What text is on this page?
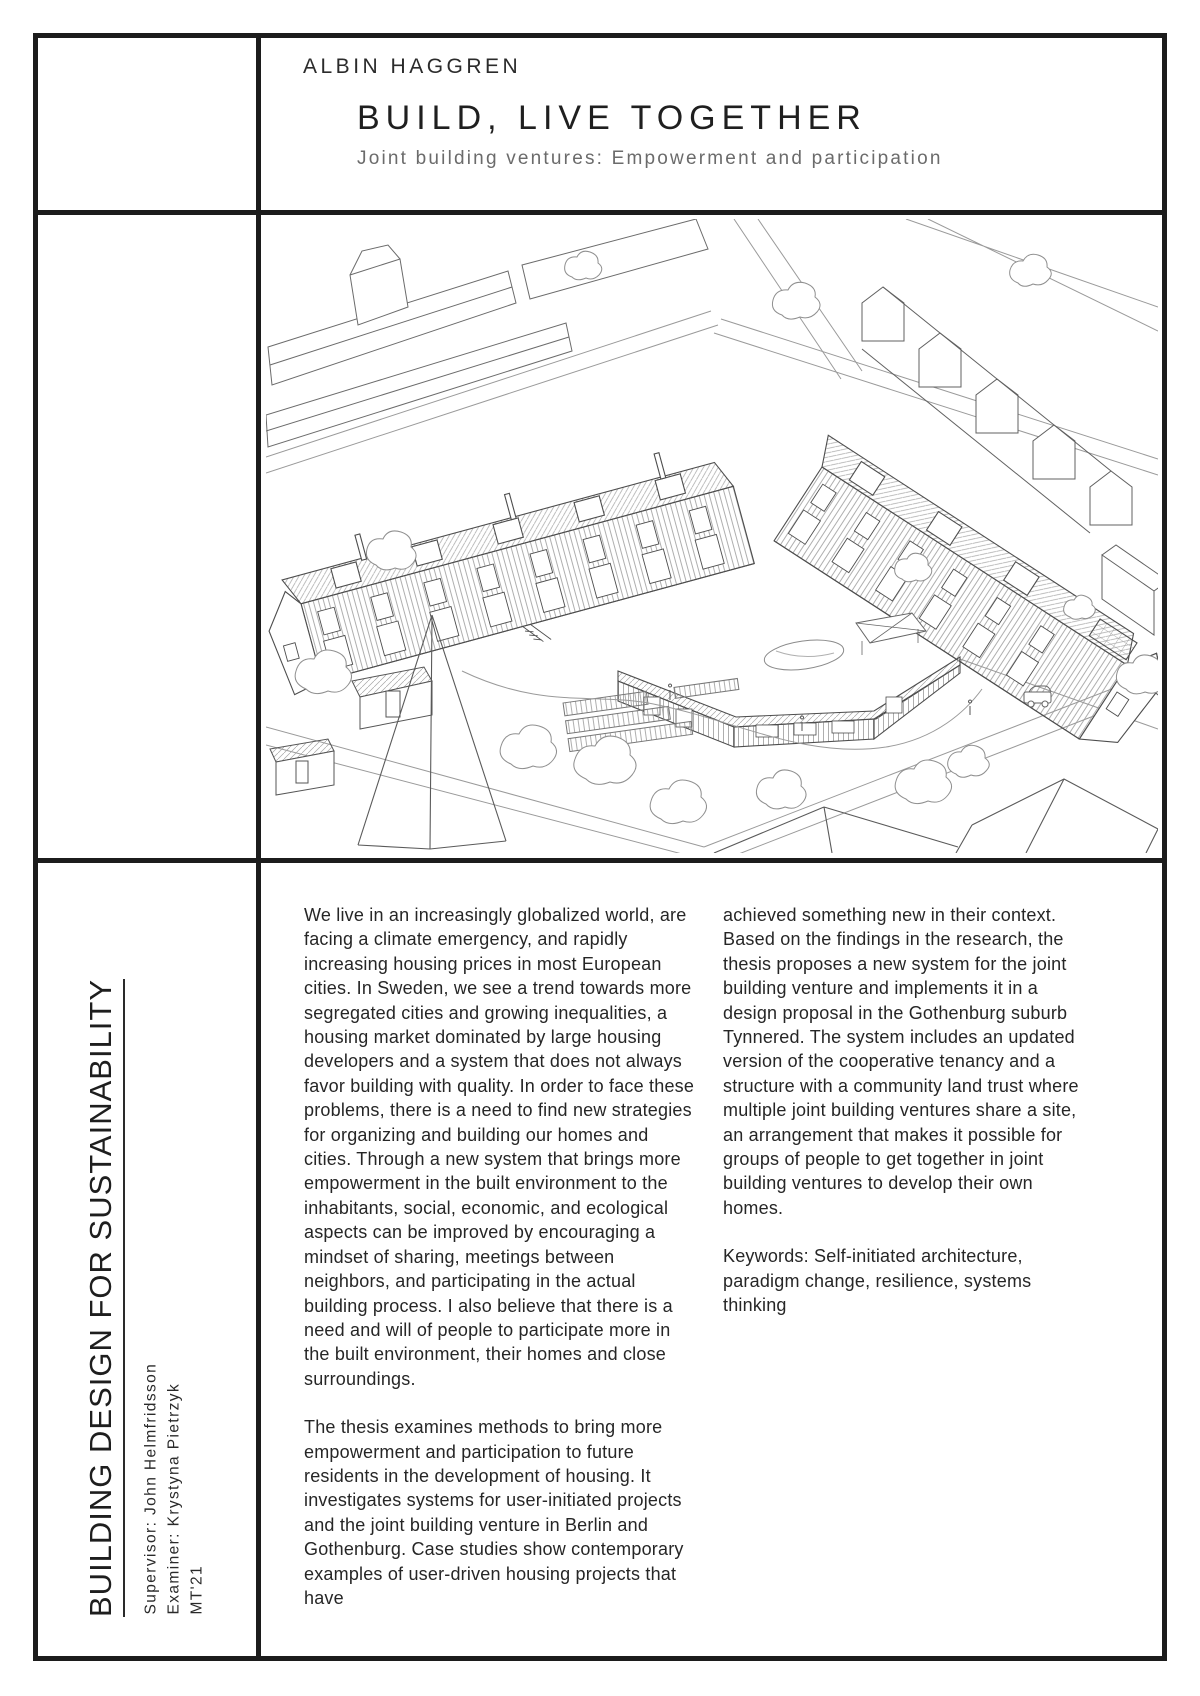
ALBIN HAGGREN
BUILD, LIVE TOGETHER
Joint building ventures: Empowerment and participation
BUILDING DESIGN FOR SUSTAINABILITY	Supervisor: John Helmfridsson Examiner: Krystyna Pietrzyk MT'21

We live in an increasingly globalized world, are facing a climate emergency, and rapidly increasing housing prices in most European cities. In Sweden, we see a trend towards more segregated cities and growing inequalities, a housing market dominated by large housing developers and a system that does not always favor building with quality. In order to face these problems, there is a need to find new strategies for organizing and building our homes and cities. Through a new system that brings more empowerment in the built environment to the inhabitants, social, economic, and ecological aspects can be improved by encouraging a mindset of sharing, meetings between neighbors, and participating in the actual building process. I also believe that there is a need and will of people to participate more in the built environment, their homes and close surroundings.

The thesis examines methods to bring more empowerment and participation to future residents in the development of housing. It investigates systems for user-initiated projects and the joint building venture in Berlin and Gothenburg. Case studies show contemporary examples of user-driven housing projects that have

achieved something new in their context. Based on the findings in the research, the thesis proposes a new system for the joint building venture and implements it in a design proposal in the Gothenburg suburb Tynnered. The system includes an updated version of the cooperative tenancy and a structure with a community land trust where multiple joint building ventures share a site, an arrangement that makes it possible for groups of people to get together in joint building ventures to develop their own homes.

Keywords: Self-initiated architecture, paradigm change, resilience, systems thinking
